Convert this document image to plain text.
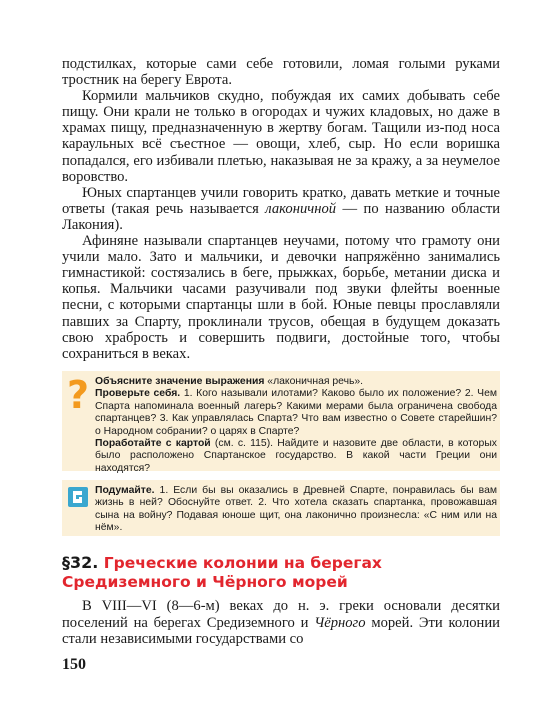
подстилках, которые сами себе готовили, ломая голыми руками тростник на берегу Еврота.

Кормили мальчиков скудно, побуждая их самих добывать себе пищу. Они крали не только в огородах и чужих кладовых, но даже в храмах пищу, предназначенную в жертву богам. Тащили из-под носа караульных всё съестное — овощи, хлеб, сыр. Но если воришка попадался, его избивали плетью, наказывая не за кражу, а за неумелое воровство.

Юных спартанцев учили говорить кратко, давать меткие и точные ответы (такая речь называется лаконичной — по названию области Лакония).

Афиняне называли спартанцев неучами, потому что грамоту они учили мало. Зато и мальчики, и девочки напряжённо занимались гимнастикой: состязались в беге, прыжках, борьбе, метании диска и копья. Мальчики часами разучивали под звуки флейты военные песни, с которыми спартанцы шли в бой. Юные певцы прославляли павших за Спарту, проклинали трусов, обещая в будущем доказать свою храбрость и совершить подвиги, достойные того, чтобы сохраниться в веках.

? Объясните значение выражения «лаконичная речь».
Проверьте себя. 1. Кого называли илотами? Каково было их положение? 2. Чем Спарта напоминала военный лагерь? Какими мерами была ограничена свобода спартанцев? 3. Как управлялась Спарта? Что вам известно о Совете старейшин? о Народном собрании? о царях в Спарте?
Поработайте с картой (см. с. 115). Найдите и назовите две области, в которых было расположено Спартанское государство. В какой части Греции они находятся?
Подумайте. 1. Если бы вы оказались в Древней Спарте, понравилась бы вам жизнь в ней? Обоснуйте ответ. 2. Что хотела сказать спартанка, провожавшая сына на войну? Подавая юноше щит, она лаконично произнесла: «С ним или на нём».
§32. Греческие колонии на берегах Средиземного и Чёрного морей

В VIII—VI (8—6-м) веках до н. э. греки основали десятки поселений на берегах Средиземного и Чёрного морей. Эти колонии стали независимыми государствами со

150
